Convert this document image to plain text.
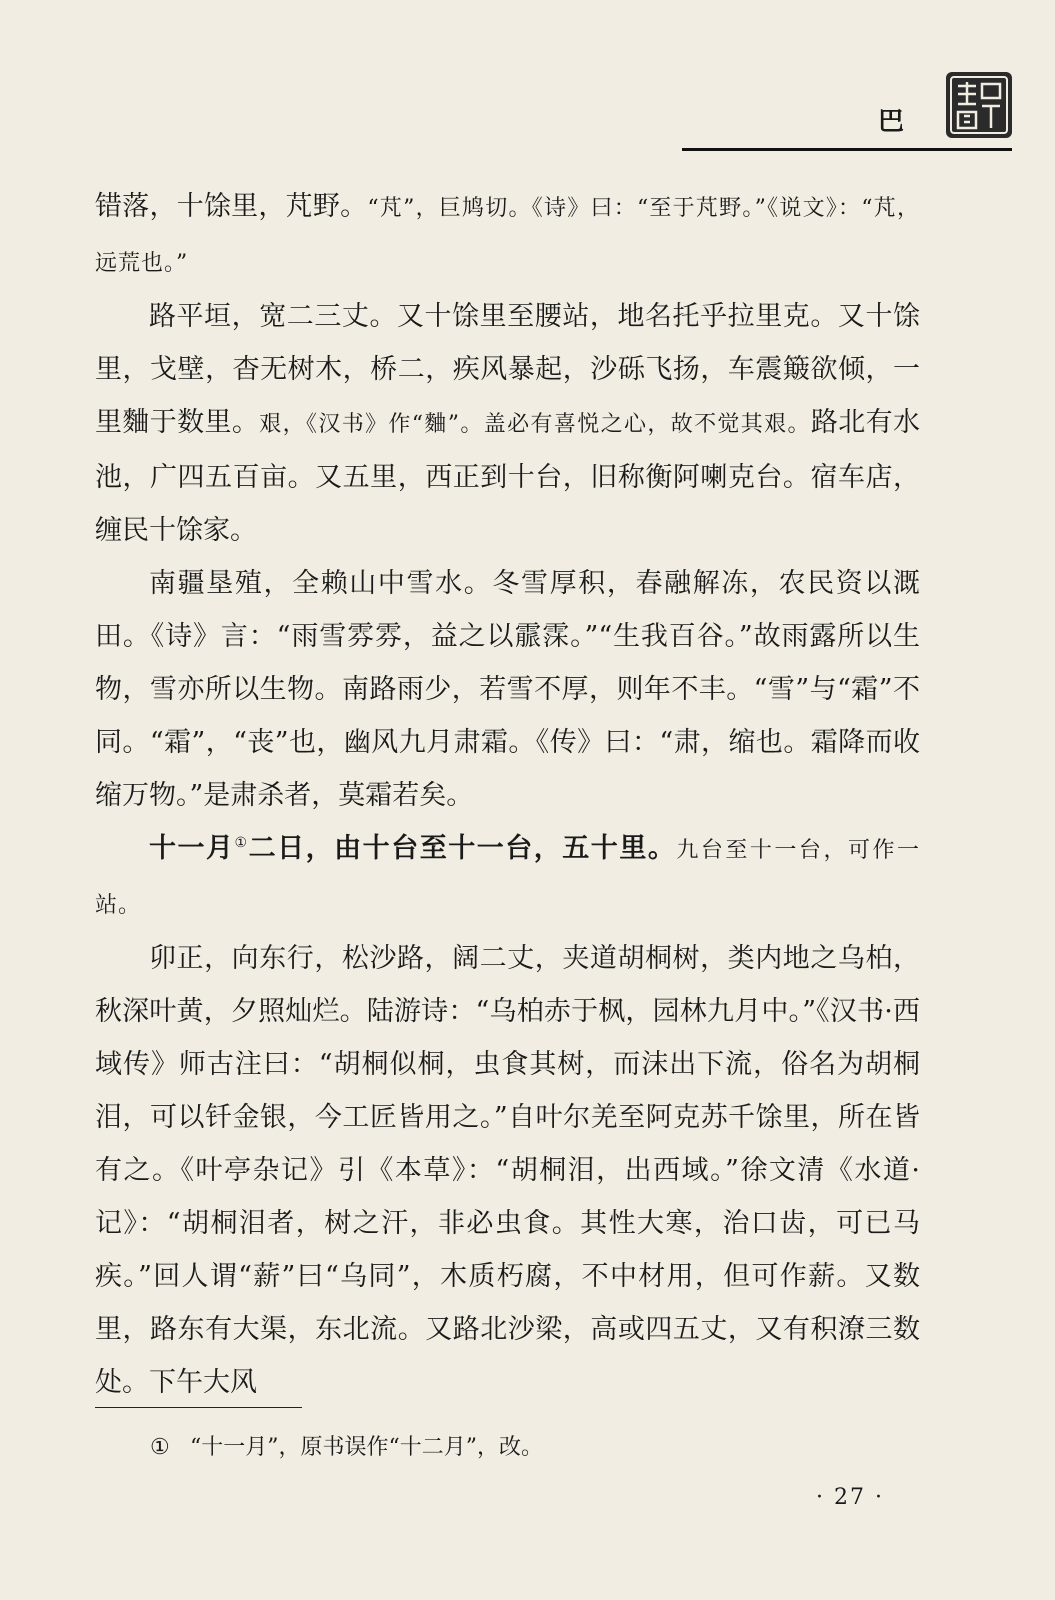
巴

错落，十馀里，芃野。“芃”，巨鸠切。《诗》曰：“至于芃野。”《说文》：“芃，远荒也。”

路平垣，宽二三丈。又十馀里至腰站，地名托乎拉里克。又十馀里，戈壁，杳无树木，桥二，疾风暴起，沙砾飞扬，车震簸欲倾，一里麯于数里。艰，《汉书》作“麯”。盖必有喜悦之心，故不觉其艰。路北有水池，广四五百亩。又五里，西正到十台，旧称衡阿喇克台。宿车店，缠民十馀家。

南疆垦殖，全赖山中雪水。冬雪厚积，春融解冻，农民资以溉田。《诗》言：“雨雪雰雰，益之以霢霂。”“生我百谷。”故雨露所以生物，雪亦所以生物。南路雨少，若雪不厚，则年不丰。“雪”与“霜”不同。“霜”，“丧”也，幽风九月肃霜。《传》曰：“肃，缩也。霜降而收缩万物。”是肃杀者，莫霜若矣。

十一月①二日，由十台至十一台，五十里。九台至十一台，可作一站。

卯正，向东行，松沙路，阔二丈，夹道胡桐树，类内地之乌柏，秋深叶黄，夕照灿烂。陆游诗：“乌柏赤于枫，园林九月中。”《汉书·西域传》师古注曰：“胡桐似桐，虫食其树，而沫出下流，俗名为胡桐泪，可以钎金银，今工匠皆用之。”自叶尔羌至阿克苏千馀里，所在皆有之。《叶亭杂记》引《本草》：“胡桐泪，出西域。”徐文清《水道·记》：“胡桐泪者，树之汗，非必虫食。其性大寒，治口齿，可已马疾。”回人谓“薪”曰“乌同”，木质朽腐，不中材用，但可作薪。又数里，路东有大渠，东北流。又路北沙梁，高或四五丈，又有积潦三数处。下午大风

① “十一月”，原书误作“十二月”，改。
· 27 ·
